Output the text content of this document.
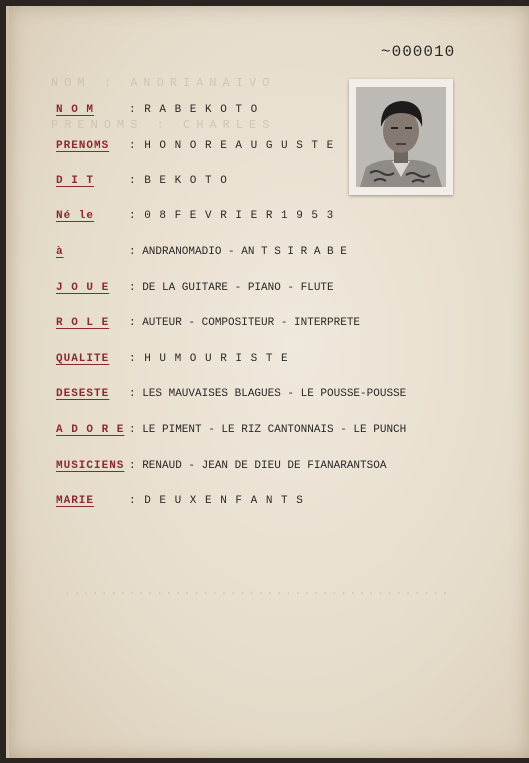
NOM : ANDRIANAIVO
PRENOMS : CHARLES
..........................................
~000010
N O M	: R A B E K O T O
PRENOMS : H O N O R E A U G U S T E
D I T	: B E K O T O
Né le	: 0 8 F E V R I E R 1 9 5 3
à	: ANDRANOMADIO - AN T S I R A B E
J O U E : DE LA GUITARE - PIANO - FLUTE
R O L E : AUTEUR - COMPOSITEUR - INTERPRETE
QUALITE : H U M O U R I S T E
DESESTE : LES MAUVAISES BLAGUES - LE POUSSE-POUSSE
A D O R E : LE PIMENT - LE RIZ CANTONNAIS - LE PUNCH
MUSICIENS : RENAUD - JEAN DE DIEU DE FIANARANTSOA
MARIE	: D E U X E N F A N T S
